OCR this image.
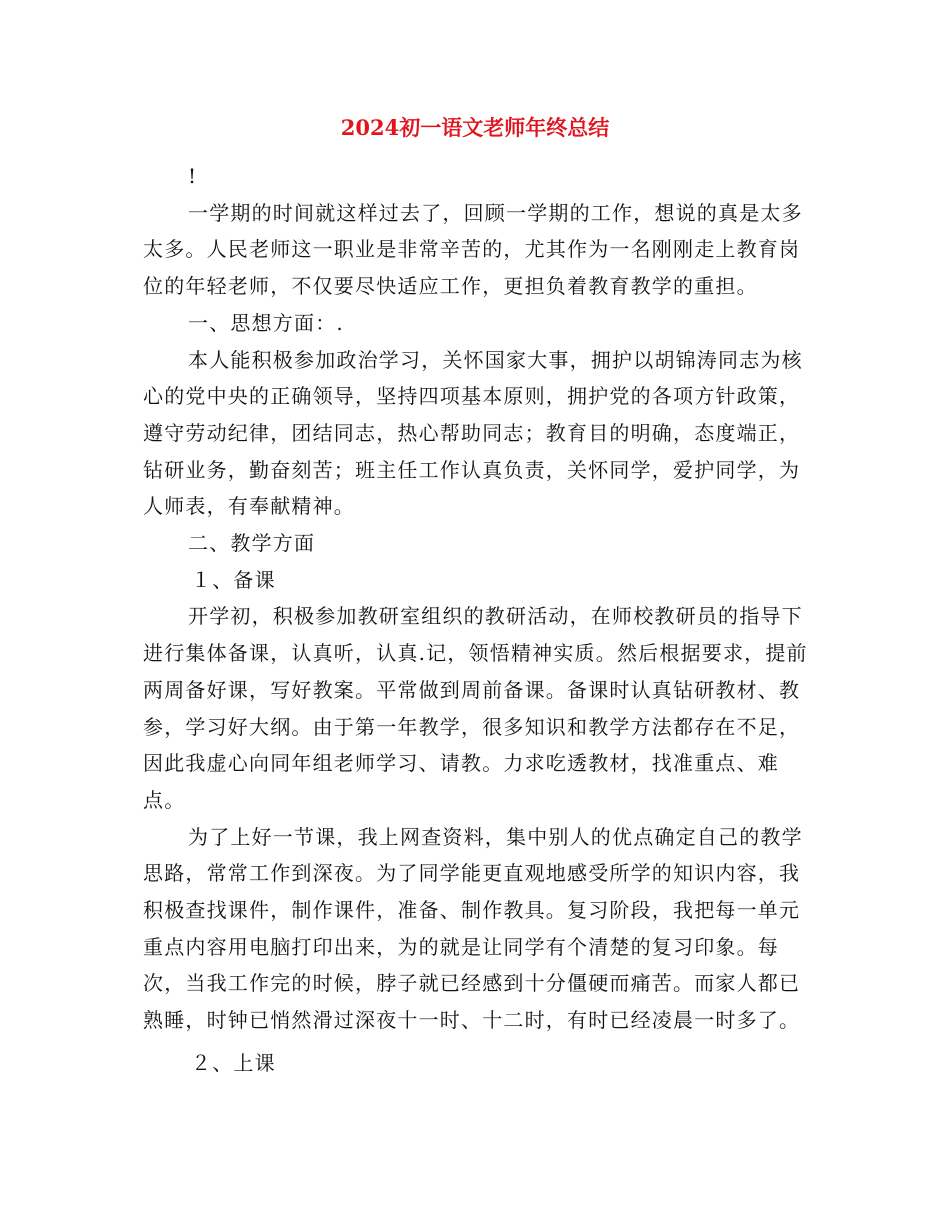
2024初一语文老师年终总结

!

一学期的时间就这样过去了，回顾一学期的工作，想说的真是太多太多。人民老师这一职业是非常辛苦的，尤其作为一名刚刚走上教育岗位的年轻老师，不仅要尽快适应工作，更担负着教育教学的重担。

一、思想方面：.

本人能积极参加政治学习，关怀国家大事，拥护以胡锦涛同志为核心的党中央的正确领导，坚持四项基本原则，拥护党的各项方针政策，遵守劳动纪律，团结同志，热心帮助同志；教育目的明确，态度端正，钻研业务，勤奋刻苦；班主任工作认真负责，关怀同学，爱护同学，为人师表，有奉献精神。

二、教学方面

１、备课

开学初，积极参加教研室组织的教研活动，在师校教研员的指导下进行集体备课，认真听，认真.记，领悟精神实质。然后根据要求，提前两周备好课，写好教案。平常做到周前备课。备课时认真钻研教材、教参，学习好大纲。由于第一年教学，很多知识和教学方法都存在不足，因此我虚心向同年组老师学习、请教。力求吃透教材，找准重点、难点。

为了上好一节课，我上网查资料，集中别人的优点确定自己的教学思路，常常工作到深夜。为了同学能更直观地感受所学的知识内容，我积极查找课件，制作课件，准备、制作教具。复习阶段，我把每一单元重点内容用电脑打印出来，为的就是让同学有个清楚的复习印象。每次，当我工作完的时候，脖子就已经感到十分僵硬而痛苦。而家人都已熟睡，时钟已悄然滑过深夜十一时、十二时，有时已经凌晨一时多了。

２、上课
